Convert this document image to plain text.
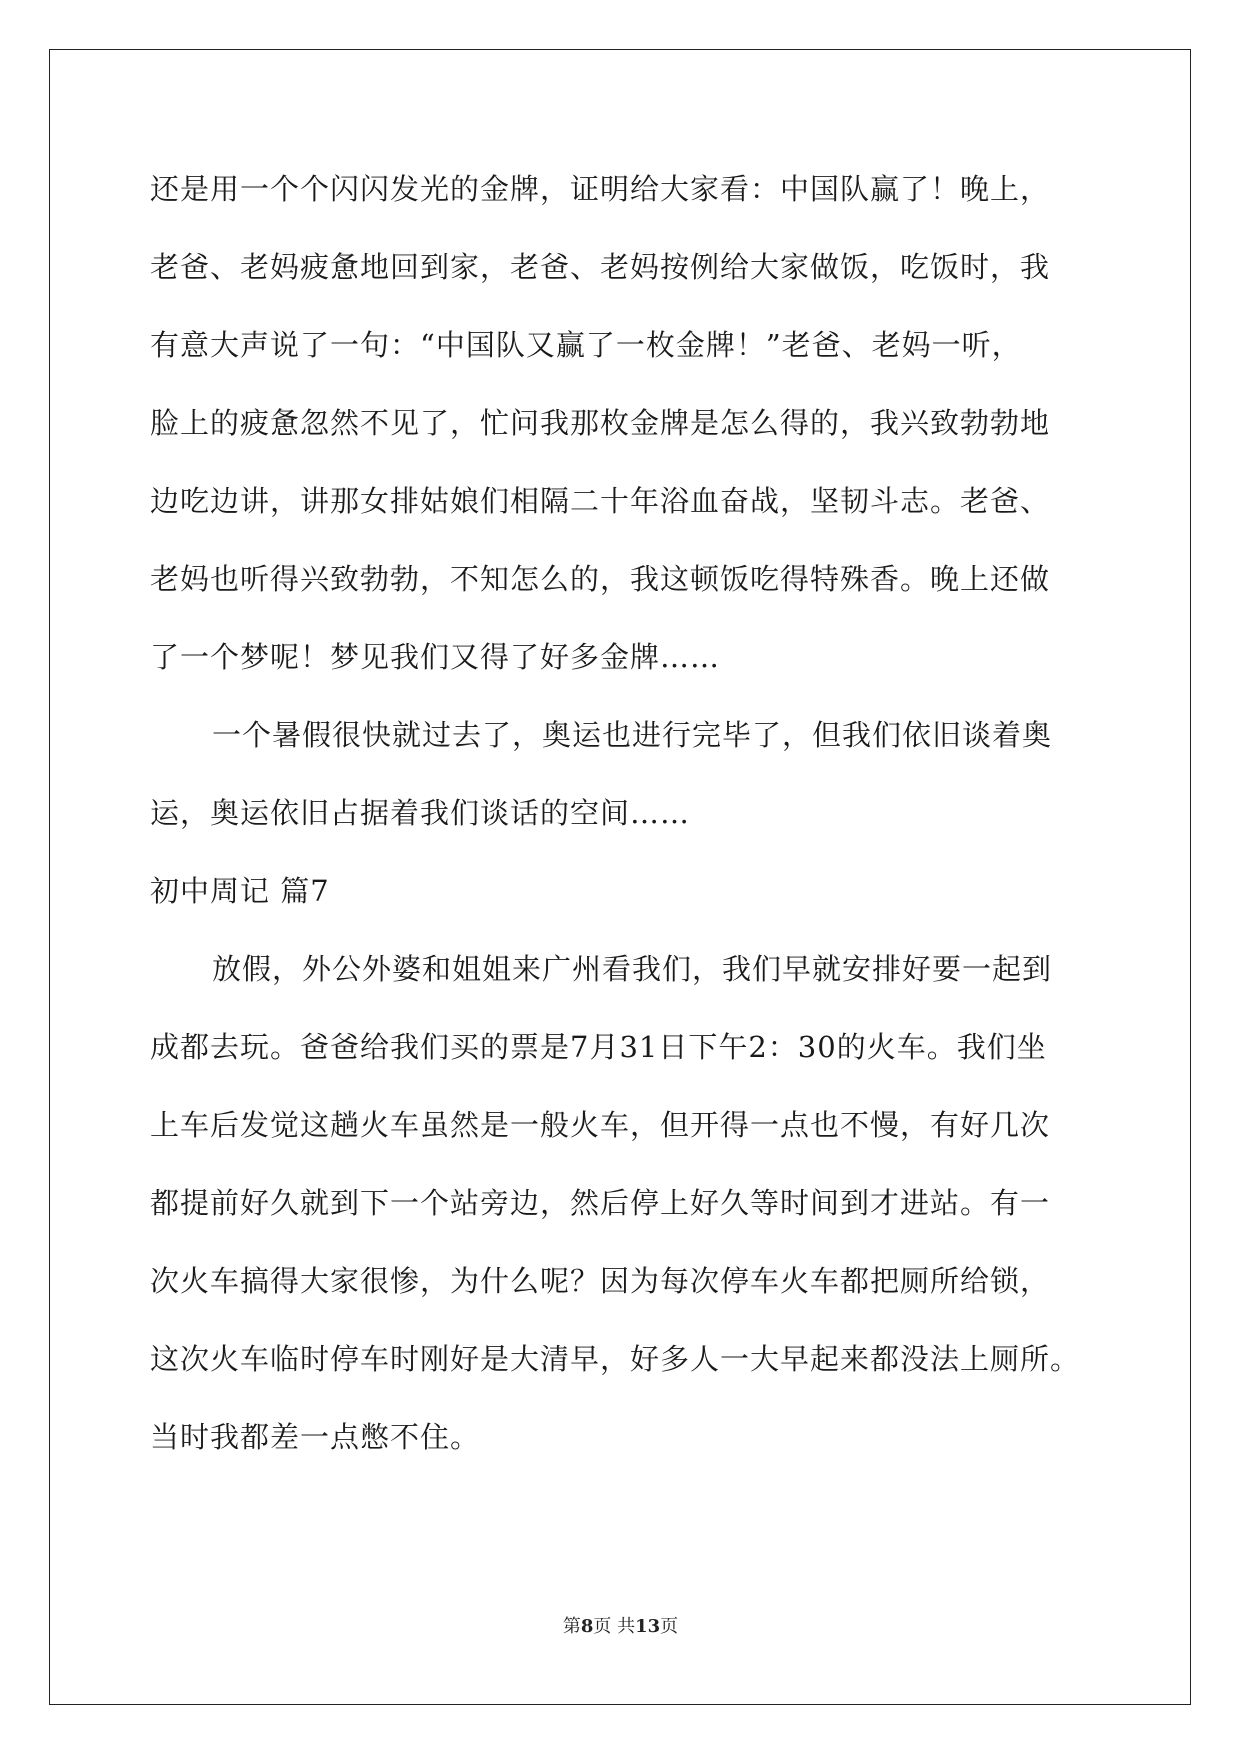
还是用一个个闪闪发光的金牌，证明给大家看：中国队赢了！晚上，
老爸、老妈疲惫地回到家，老爸、老妈按例给大家做饭，吃饭时，我
有意大声说了一句：“中国队又赢了一枚金牌！”老爸、老妈一听，
脸上的疲惫忽然不见了，忙问我那枚金牌是怎么得的，我兴致勃勃地
边吃边讲，讲那女排姑娘们相隔二十年浴血奋战，坚韧斗志。老爸、
老妈也听得兴致勃勃，不知怎么的，我这顿饭吃得特殊香。晚上还做
了一个梦呢！梦见我们又得了好多金牌……
一个暑假很快就过去了，奥运也进行完毕了，但我们依旧谈着奥
运，奥运依旧占据着我们谈话的空间……
初中周记 篇7
放假，外公外婆和姐姐来广州看我们，我们早就安排好要一起到
成都去玩。爸爸给我们买的票是7月31日下午2：30的火车。我们坐
上车后发觉这趟火车虽然是一般火车，但开得一点也不慢，有好几次
都提前好久就到下一个站旁边，然后停上好久等时间到才进站。有一
次火车搞得大家很惨，为什么呢？因为每次停车火车都把厕所给锁，
这次火车临时停车时刚好是大清早，好多人一大早起来都没法上厕所。
当时我都差一点憋不住。
第8页 共13页
